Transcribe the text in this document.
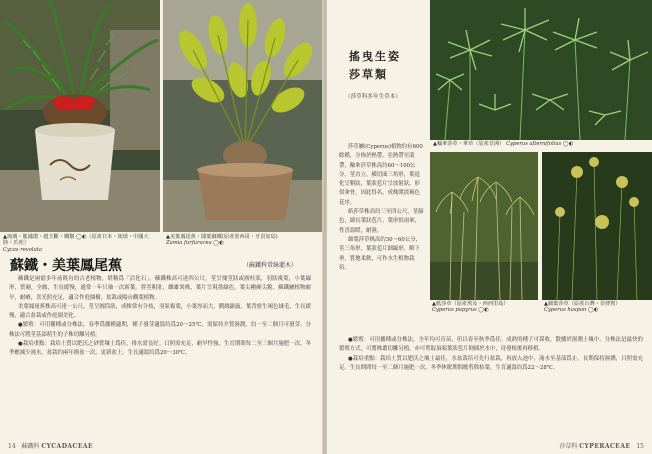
▲琉璃・龍鳳環・趙夫斷・鐵樹 ◯◐（原產日本・琉球・中國大陸・爪哇）
Cycas revoluta
▲美葉鳳尾蕉・闊葉蘇鐵(原產墨西哥・牙買加島)
Zamia furfuracea ◯◐
蘇鐵・美葉鳳尾蕉	（蘇鐵科常綠灌木）

蘇鐵是兩億多年前既有的古老植物，堪稱爲「活化石」。蘇鐵株高可達四公尺，莖呈塊莖狀或圓柱狀，羽狀複葉，小葉線形，質硬，全緣，生長緩慢，通常一年只抽一次新葉。幹莖粗壯，雌雄異株，葉片呈現墨綠色，葉尖剛硬尖銳。蘇鐵屬植物耐旱，耐瘠，喜光照充足，適合作庭園樹，盆栽或陽台觀葉植物。

美葉鳳尾蕉株高可達一公尺，莖呈圓筒狀，成株常有分枝，羽狀複葉，小葉厚而大，側緣鋸齒，葉背密生褐色絨毛，生長緩慢，適合盆栽或作庭園美化。

●繁殖：可用播種或分株法，春季爲播種適期，種子發芽適溫約爲20～25℃，需保持介質濕潤，約一至二個月可發芽。分株法可將莖基部萌生的子株切離另植。

●栽培重點：栽培土質以肥沃之砂質壤土爲佳，排水需良好。日照需充足，耐旱性強。生育期間每二至三個月施肥一次。冬季應減少澆水，盆栽約兩年換盆一次，更新盆土。生長適溫約爲20～30℃。

14 蘇鐵科 CYCADACEAE
搖曳生姿
莎草類
（莎草科多年生草本）
▲輪傘莎草・傘草（原產非洲） Cyperus alternifolius ◯◐

莎草屬(Cyperus)植物約有600餘種，分佈於熱帶，亞熱帶至溫帶，輪傘莎草株高約60～100公分，莖直立，橫切面三角形，葉退化呈鞘狀，葉狀苞片呈放射狀，形似傘骨，因此得名，成株開淡褐色花序。

紙莎草株高約三至四公尺，莖綠色，細長葉狀苞片，葉形似雨傘，性喜溫暖，耐濕。

細葉莎草株高約30～60公分，莖三角形，葉狀苞片細線形，略下垂，質地柔軟，可作水生植物栽培。

▲紙莎草（原產埃及・西西里島）
Cyperus papyrus ◯◐
▲細葉莎草（原產台灣・菲律賓）
Cyperus haspan ◯◐

●繁殖：可用播種或分株法，全年均可育苗，但以春至秋季爲佳。成熟的種子可採收，散播於濕潤土壤中。分株法是最快的繁殖方式，可將株叢切離另植，亦可剪取頂端葉狀苞片倒插於水中，待發根後再移植。

●栽培重點：栽培土質以肥沃之壤土最佳，水盆栽培可先行盆栽，再放入池中，淹水至基部爲止。長期保持濕潤，日照需充足。生長期間每一至二個月施肥一次，冬季休眠期間應剪除枯葉。生育適溫約爲22～28℃。

莎草科 CYPERACEAE 15
